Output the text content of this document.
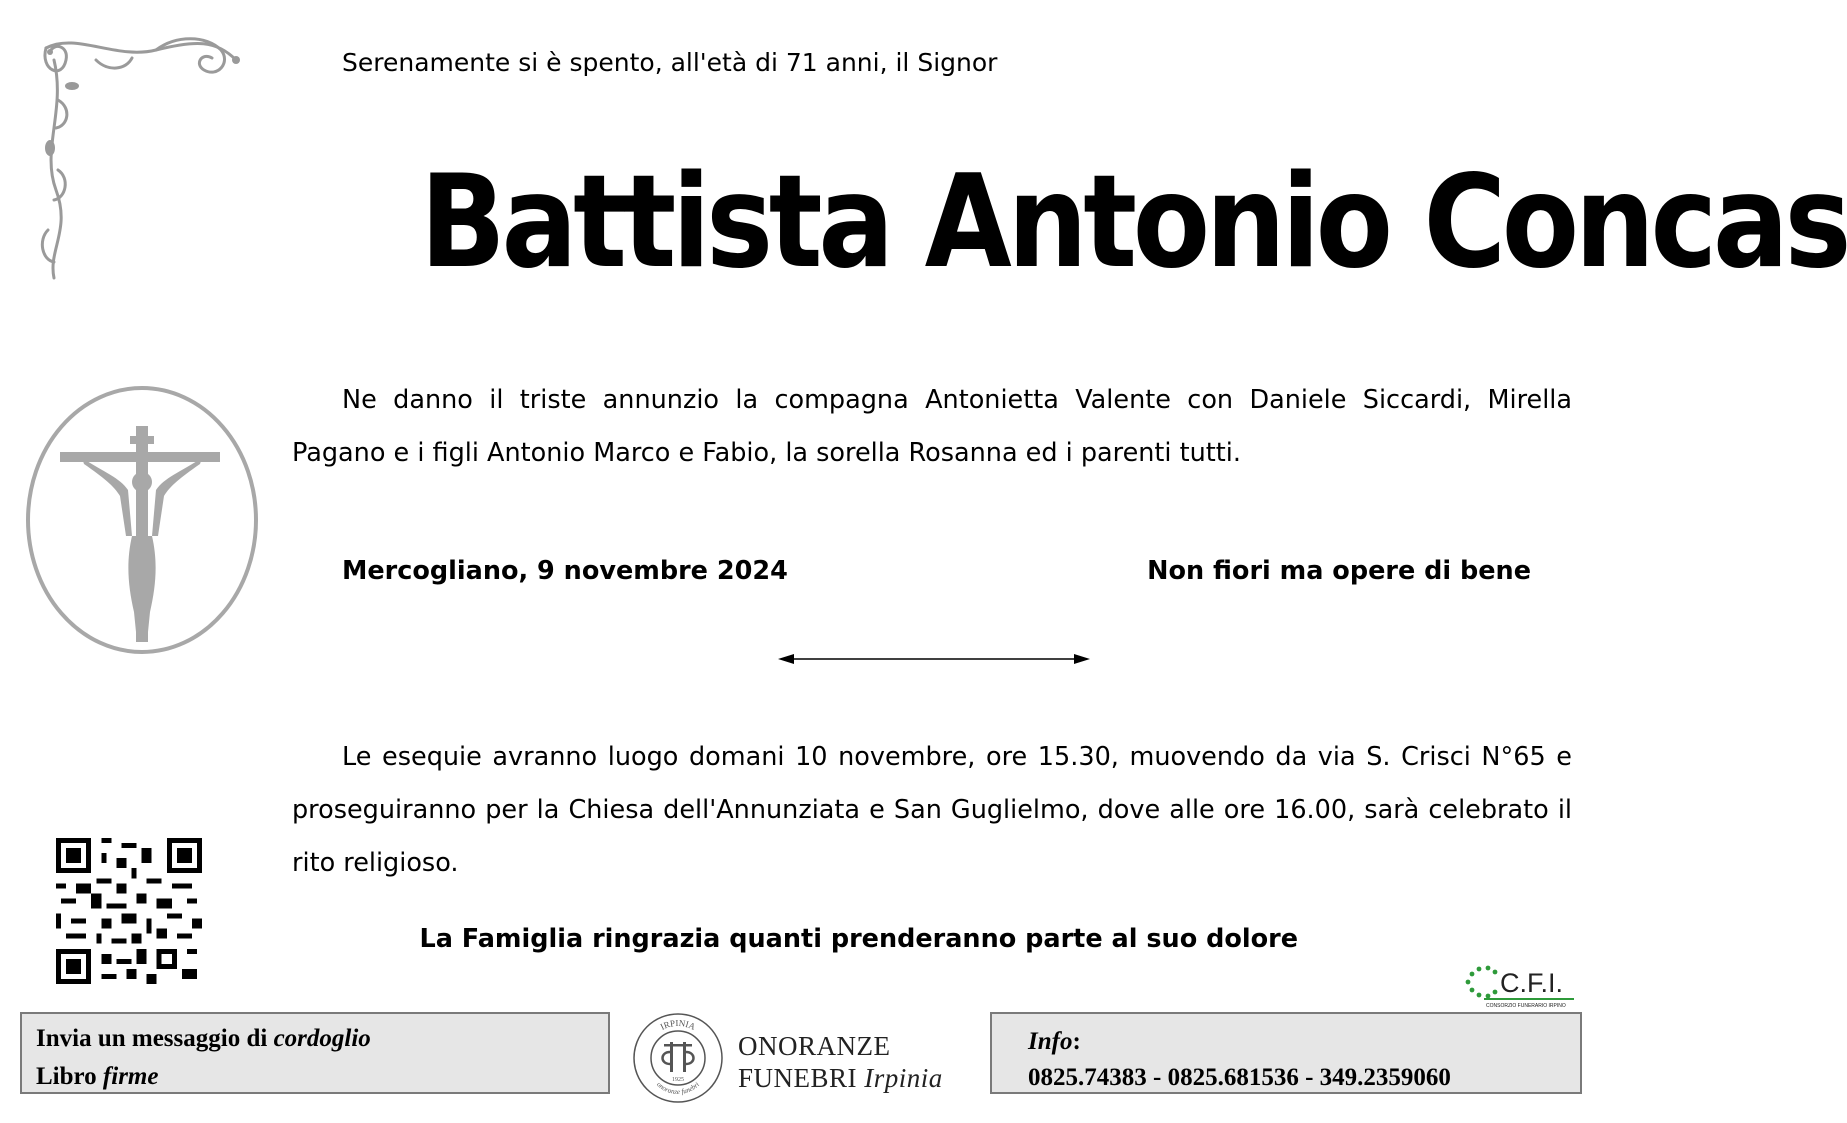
Serenamente si è spento, all'età di 71 anni, il Signor
Battista Antonio Concas
Ne danno il triste annunzio la compagna Antonietta Valente con Daniele Siccardi, Mirella Pagano e i figli Antonio Marco e Fabio, la sorella Rosanna ed i parenti tutti.
Mercogliano, 9 novembre 2024	Non fiori ma opere di bene
Le esequie avranno luogo domani 10 novembre, ore 15.30, muovendo da via S. Crisci N°65 e proseguiranno per la Chiesa dell'Annunziata e San Guglielmo, dove alle ore 16.00, sarà celebrato il rito religioso.
La Famiglia ringrazia quanti prenderanno parte al suo dolore
C.F.I.
CONSORZIO FUNERARIO IRPINO
Invia un messaggio di cordoglio
Libro firme
IRPINIA
onoranze funebri
1925
ONORANZE
FUNEBRI Irpinia
Info:
0825.74383 - 0825.681536 - 349.2359060
